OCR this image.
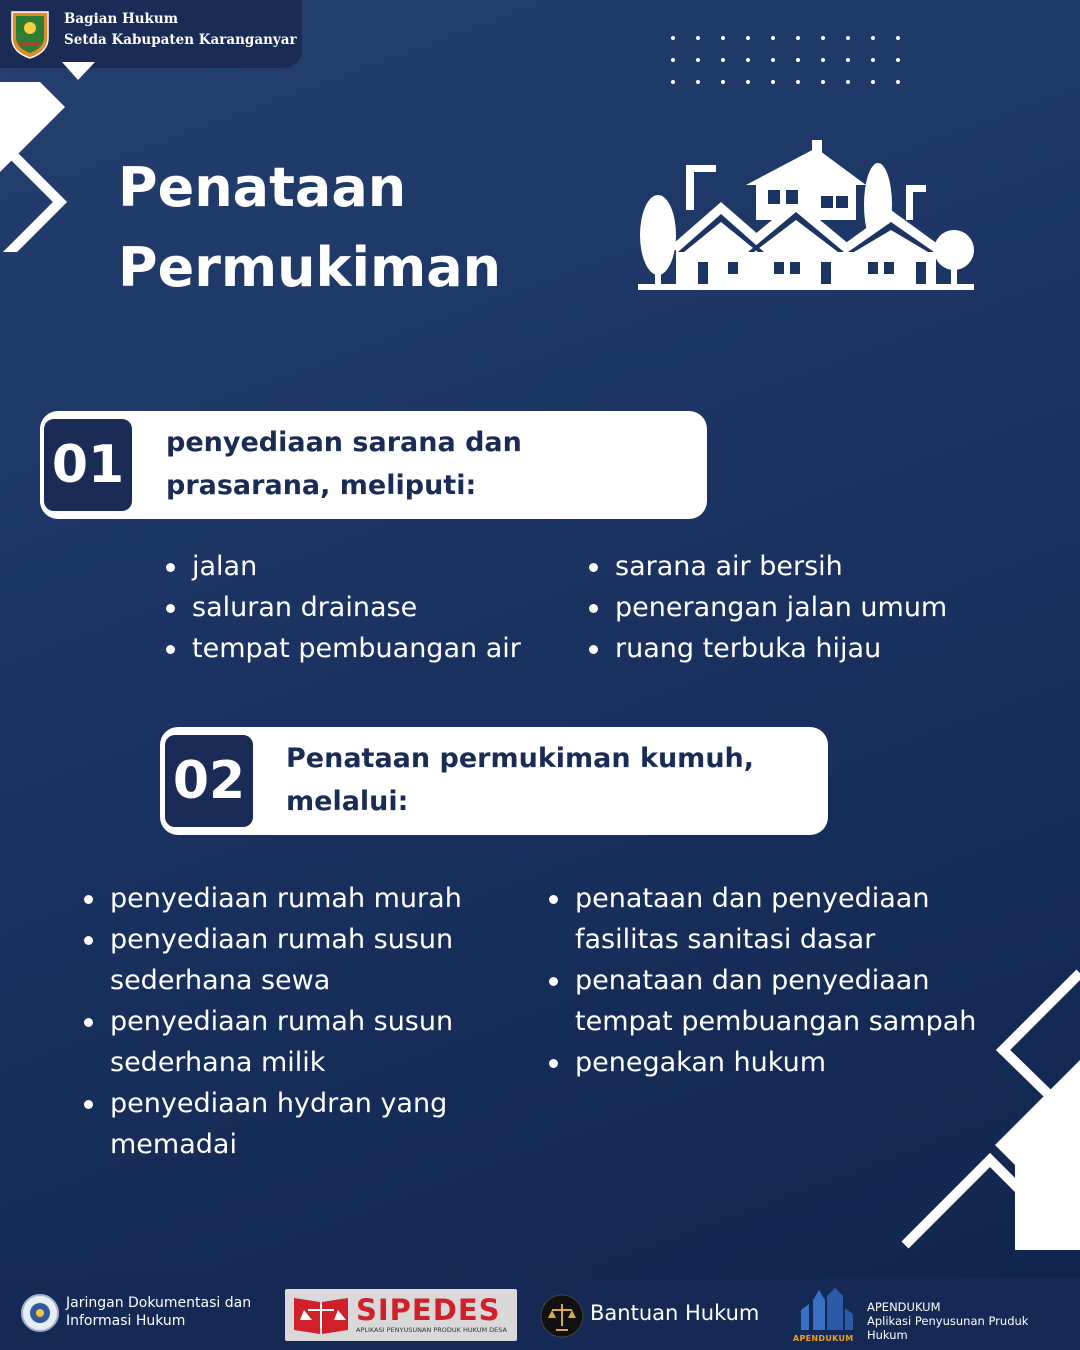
Bagian Hukum
Setda Kabupaten Karanganyar
Penataan
Permukiman
01	penyediaan sarana dan
prasarana, meliputi:
jalan
saluran drainase
tempat pembuangan air
sarana air bersih
penerangan jalan umum
ruang terbuka hijau
02	Penataan permukiman kumuh,
melalui:
penyediaan rumah murah
penyediaan rumah susun sederhana sewa
penyediaan rumah susun sederhana milik
penyediaan hydran yang memadai
penataan dan penyediaan fasilitas sanitasi dasar
penataan dan penyediaan tempat pembuangan sampah
penegakan hukum
Jaringan Dokumentasi dan
Informasi Hukum	SIPEDES
APLIKASI PENYUSUNAN PRODUK HUKUM DESA
Bantuan Hukum
APENDUKUM
APENDUKUM
Aplikasi Penyusunan Pruduk
Hukum
